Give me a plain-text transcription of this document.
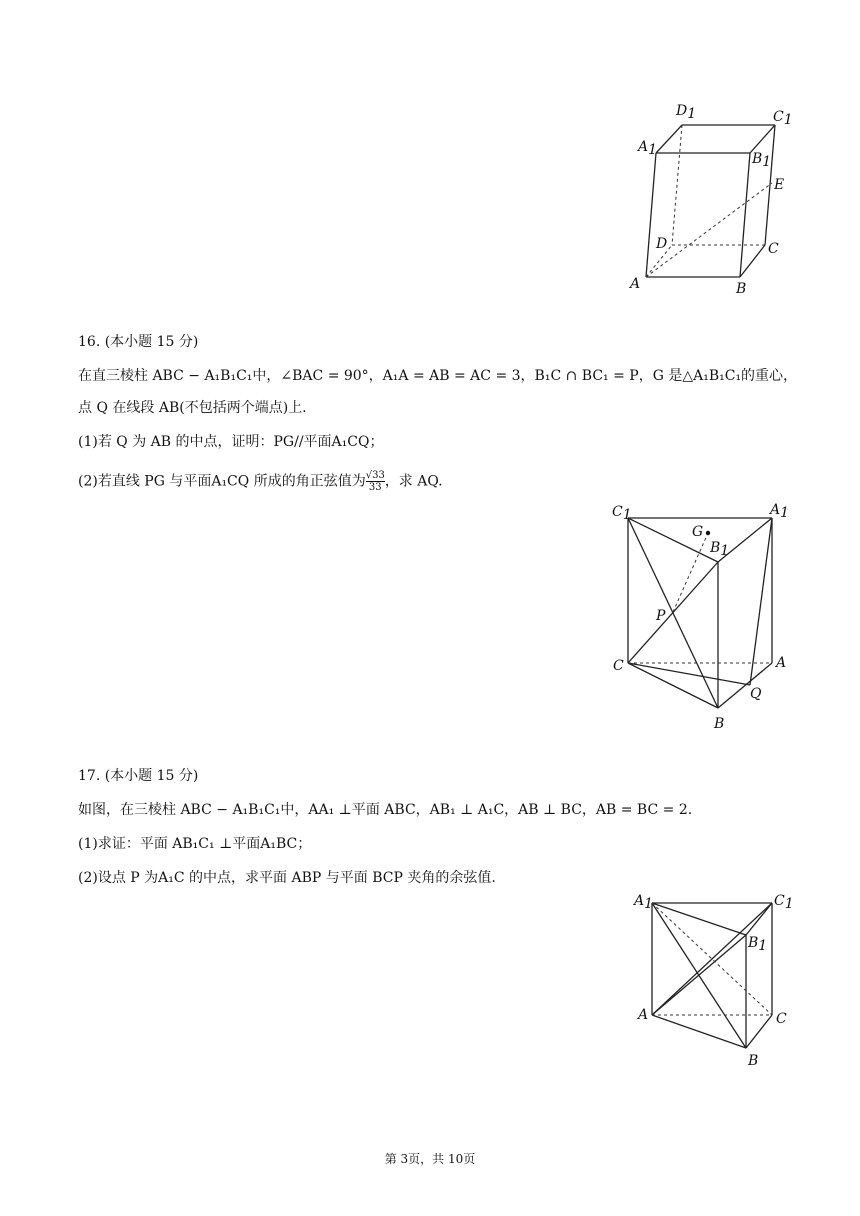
D1	C1
A1
B1
E
D	C
A	B
16. (本小题 15 分)
在直三棱柱 ABC − A₁B₁C₁中，∠BAC = 90°，A₁A = AB = AC = 3，B₁C ∩ BC₁ = P，G 是△A₁B₁C₁的重心，
点 Q 在线段 AB(不包括两个端点)上.
(1)若 Q 为 AB 的中点，证明：PG//平面A₁CQ；
(2)若直线 PG 与平面A₁CQ 所成的角正弦值为 $\frac{√33}{33}$ ，求 AQ.
C1	A1
G
B1
P
C	A
Q
B
17. (本小题 15 分)
如图，在三棱柱 ABC − A₁B₁C₁中，AA₁ ⊥平面 ABC，AB₁ ⊥ A₁C，AB ⊥ BC，AB = BC = 2.
(1)求证：平面 AB₁C₁ ⊥平面A₁BC；
(2)设点 P 为A₁C 的中点，求平面 ABP 与平面 BCP 夹角的余弦值.
A1	C1
B1
A	C
B
第 3页，共 10页
